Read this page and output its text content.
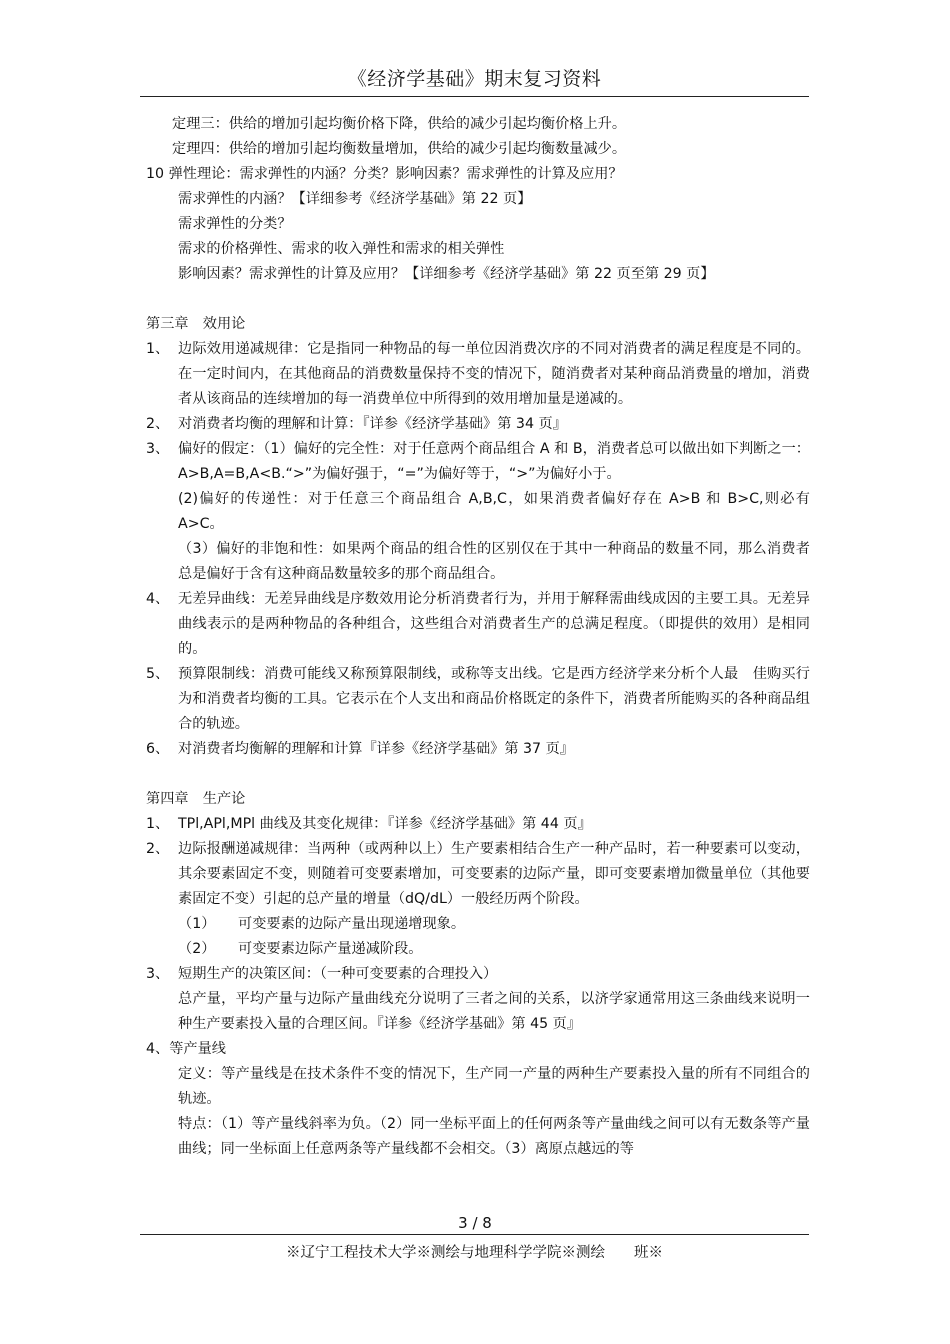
《经济学基础》期末复习资料
定理三：供给的增加引起均衡价格下降，供给的减少引起均衡价格上升。
定理四：供给的增加引起均衡数量增加，供给的减少引起均衡数量减少。
10 弹性理论：需求弹性的内涵？分类？影响因素？需求弹性的计算及应用？
需求弹性的内涵？【详细参考《经济学基础》第 22 页】
需求弹性的分类？
需求的价格弹性、需求的收入弹性和需求的相关弹性
影响因素？需求弹性的计算及应用？【详细参考《经济学基础》第 22 页至第 29 页】
第三章　效用论
1、 边际效用递减规律：它是指同一种物品的每一单位因消费次序的不同对消费者的满足程度是不同的。在一定时间内，在其他商品的消费数量保持不变的情况下，随消费者对某种商品消费量的增加，消费者从该商品的连续增加的每一消费单位中所得到的效用增加量是递减的。
2、 对消费者均衡的理解和计算：『详参《经济学基础》第 34 页』
3、 偏好的假定：（1）偏好的完全性：对于任意两个商品组合 A 和 B，消费者总可以做出如下判断之一：A>B,A=B,A<B.“>”为偏好强于，“=”为偏好等于，“>”为偏好小于。
(2)偏好的传递性：对于任意三个商品组合 A,B,C，如果消费者偏好存在 A>B 和 B>C,则必有 A>C。
（3）偏好的非饱和性：如果两个商品的组合性的区别仅在于其中一种商品的数量不同，那么消费者总是偏好于含有这种商品数量较多的那个商品组合。
4、 无差异曲线：无差异曲线是序数效用论分析消费者行为，并用于解释需曲线成因的主要工具。无差异曲线表示的是两种物品的各种组合，这些组合对消费者生产的总满足程度。（即提供的效用）是相同的。
5、 预算限制线：消费可能线又称预算限制线，或称等支出线。它是西方经济学来分析个人最　佳购买行为和消费者均衡的工具。它表示在个人支出和商品价格既定的条件下，消费者所能购买的各种商品组合的轨迹。
6、 对消费者均衡解的理解和计算『详参《经济学基础》第 37 页』
第四章　生产论
1、 TPl,APl,MPl 曲线及其变化规律：『详参《经济学基础》第 44 页』
2、 边际报酬递减规律：当两种（或两种以上）生产要素相结合生产一种产品时，若一种要素可以变动，其余要素固定不变，则随着可变要素增加，可变要素的边际产量，即可变要素增加微量单位（其他要素固定不变）引起的总产量的增量（dQ/dL）一般经历两个阶段。
（1） 可变要素的边际产量出现递增现象。
（2） 可变要素边际产量递减阶段。
3、 短期生产的决策区间：（一种可变要素的合理投入）
总产量，平均产量与边际产量曲线充分说明了三者之间的关系，以济学家通常用这三条曲线来说明一种生产要素投入量的合理区间。『详参《经济学基础》第 45 页』
4、等产量线
定义：等产量线是在技术条件不变的情况下，生产同一产量的两种生产要素投入量的所有不同组合的轨迹。
特点：（1）等产量线斜率为负。（2）同一坐标平面上的任何两条等产量曲线之间可以有无数条等产量曲线；同一坐标面上任意两条等产量线都不会相交。（3）离原点越远的等
3 / 8
※辽宁工程技术大学※测绘与地理科学学院※测绘　　班※
